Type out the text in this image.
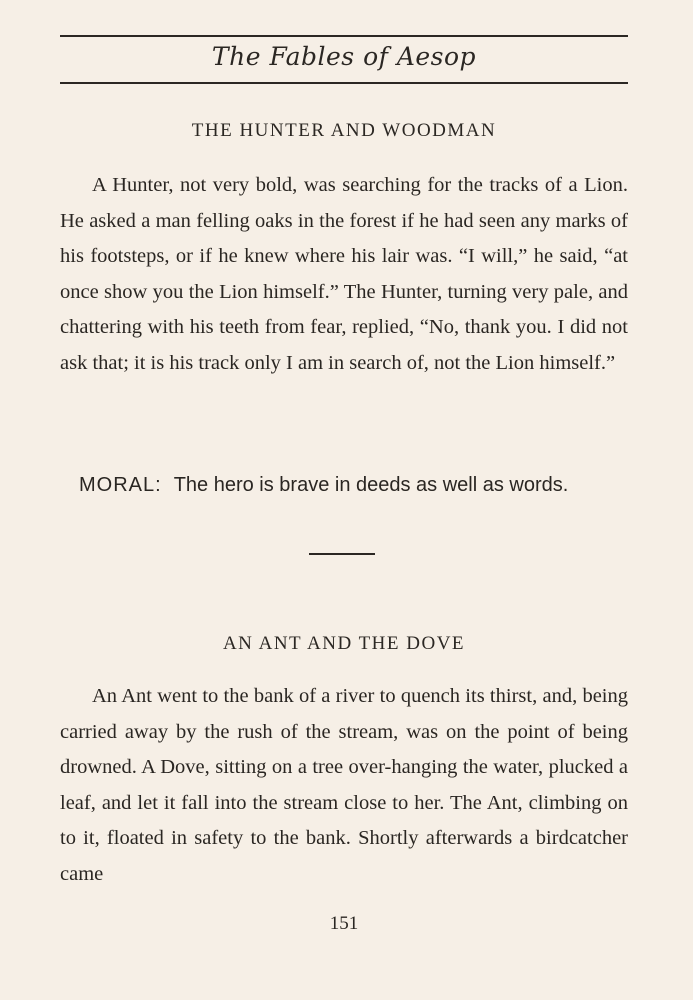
The Fables of Aesop
THE HUNTER AND WOODMAN
A Hunter, not very bold, was searching for the tracks of a Lion. He asked a man felling oaks in the forest if he had seen any marks of his footsteps, or if he knew where his lair was. “I will,” he said, “at once show you the Lion himself.” The Hunter, turning very pale, and chattering with his teeth from fear, replied, “No, thank you. I did not ask that; it is his track only I am in search of, not the Lion himself.”
MORAL: The hero is brave in deeds as well as words.
AN ANT AND THE DOVE
An Ant went to the bank of a river to quench its thirst, and, being carried away by the rush of the stream, was on the point of being drowned. A Dove, sitting on a tree over-hanging the water, plucked a leaf, and let it fall into the stream close to her. The Ant, climbing on to it, floated in safety to the bank. Shortly afterwards a birdcatcher came
151
